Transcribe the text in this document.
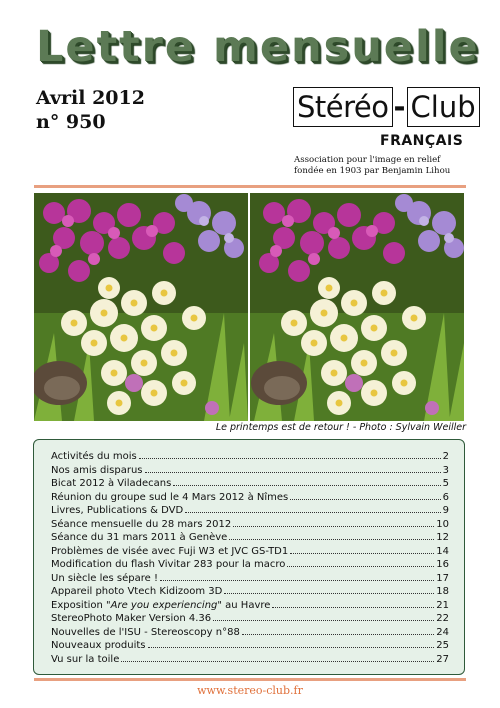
Lettre mensuelle
Avril 2012
n° 950	Stéréo - Club
FRANÇAIS
Association pour l'image en relief
fondée en 1903 par Benjamin Lihou
Le printemps est de retour ! - Photo : Sylvain Weiller
Activités du mois	2
Nos amis disparus	3
Bicat 2012 à Viladecans	5
Réunion du groupe sud le 4 Mars 2012 à Nîmes	6
Livres, Publications & DVD	9
Séance mensuelle du 28 mars 2012	10
Séance du 31 mars 2011 à Genève	12
Problèmes de visée avec Fuji W3 et JVC GS-TD1	14
Modification du flash Vivitar 283 pour la macro	16
Un siècle les sépare !	17
Appareil photo Vtech Kidizoom 3D	18
Exposition "Are you experiencing" au Havre	21
StereoPhoto Maker Version 4.36	22
Nouvelles de l'ISU - Stereoscopy n°88	24
Nouveaux produits	25
Vu sur la toile	27
www.stereo-club.fr
